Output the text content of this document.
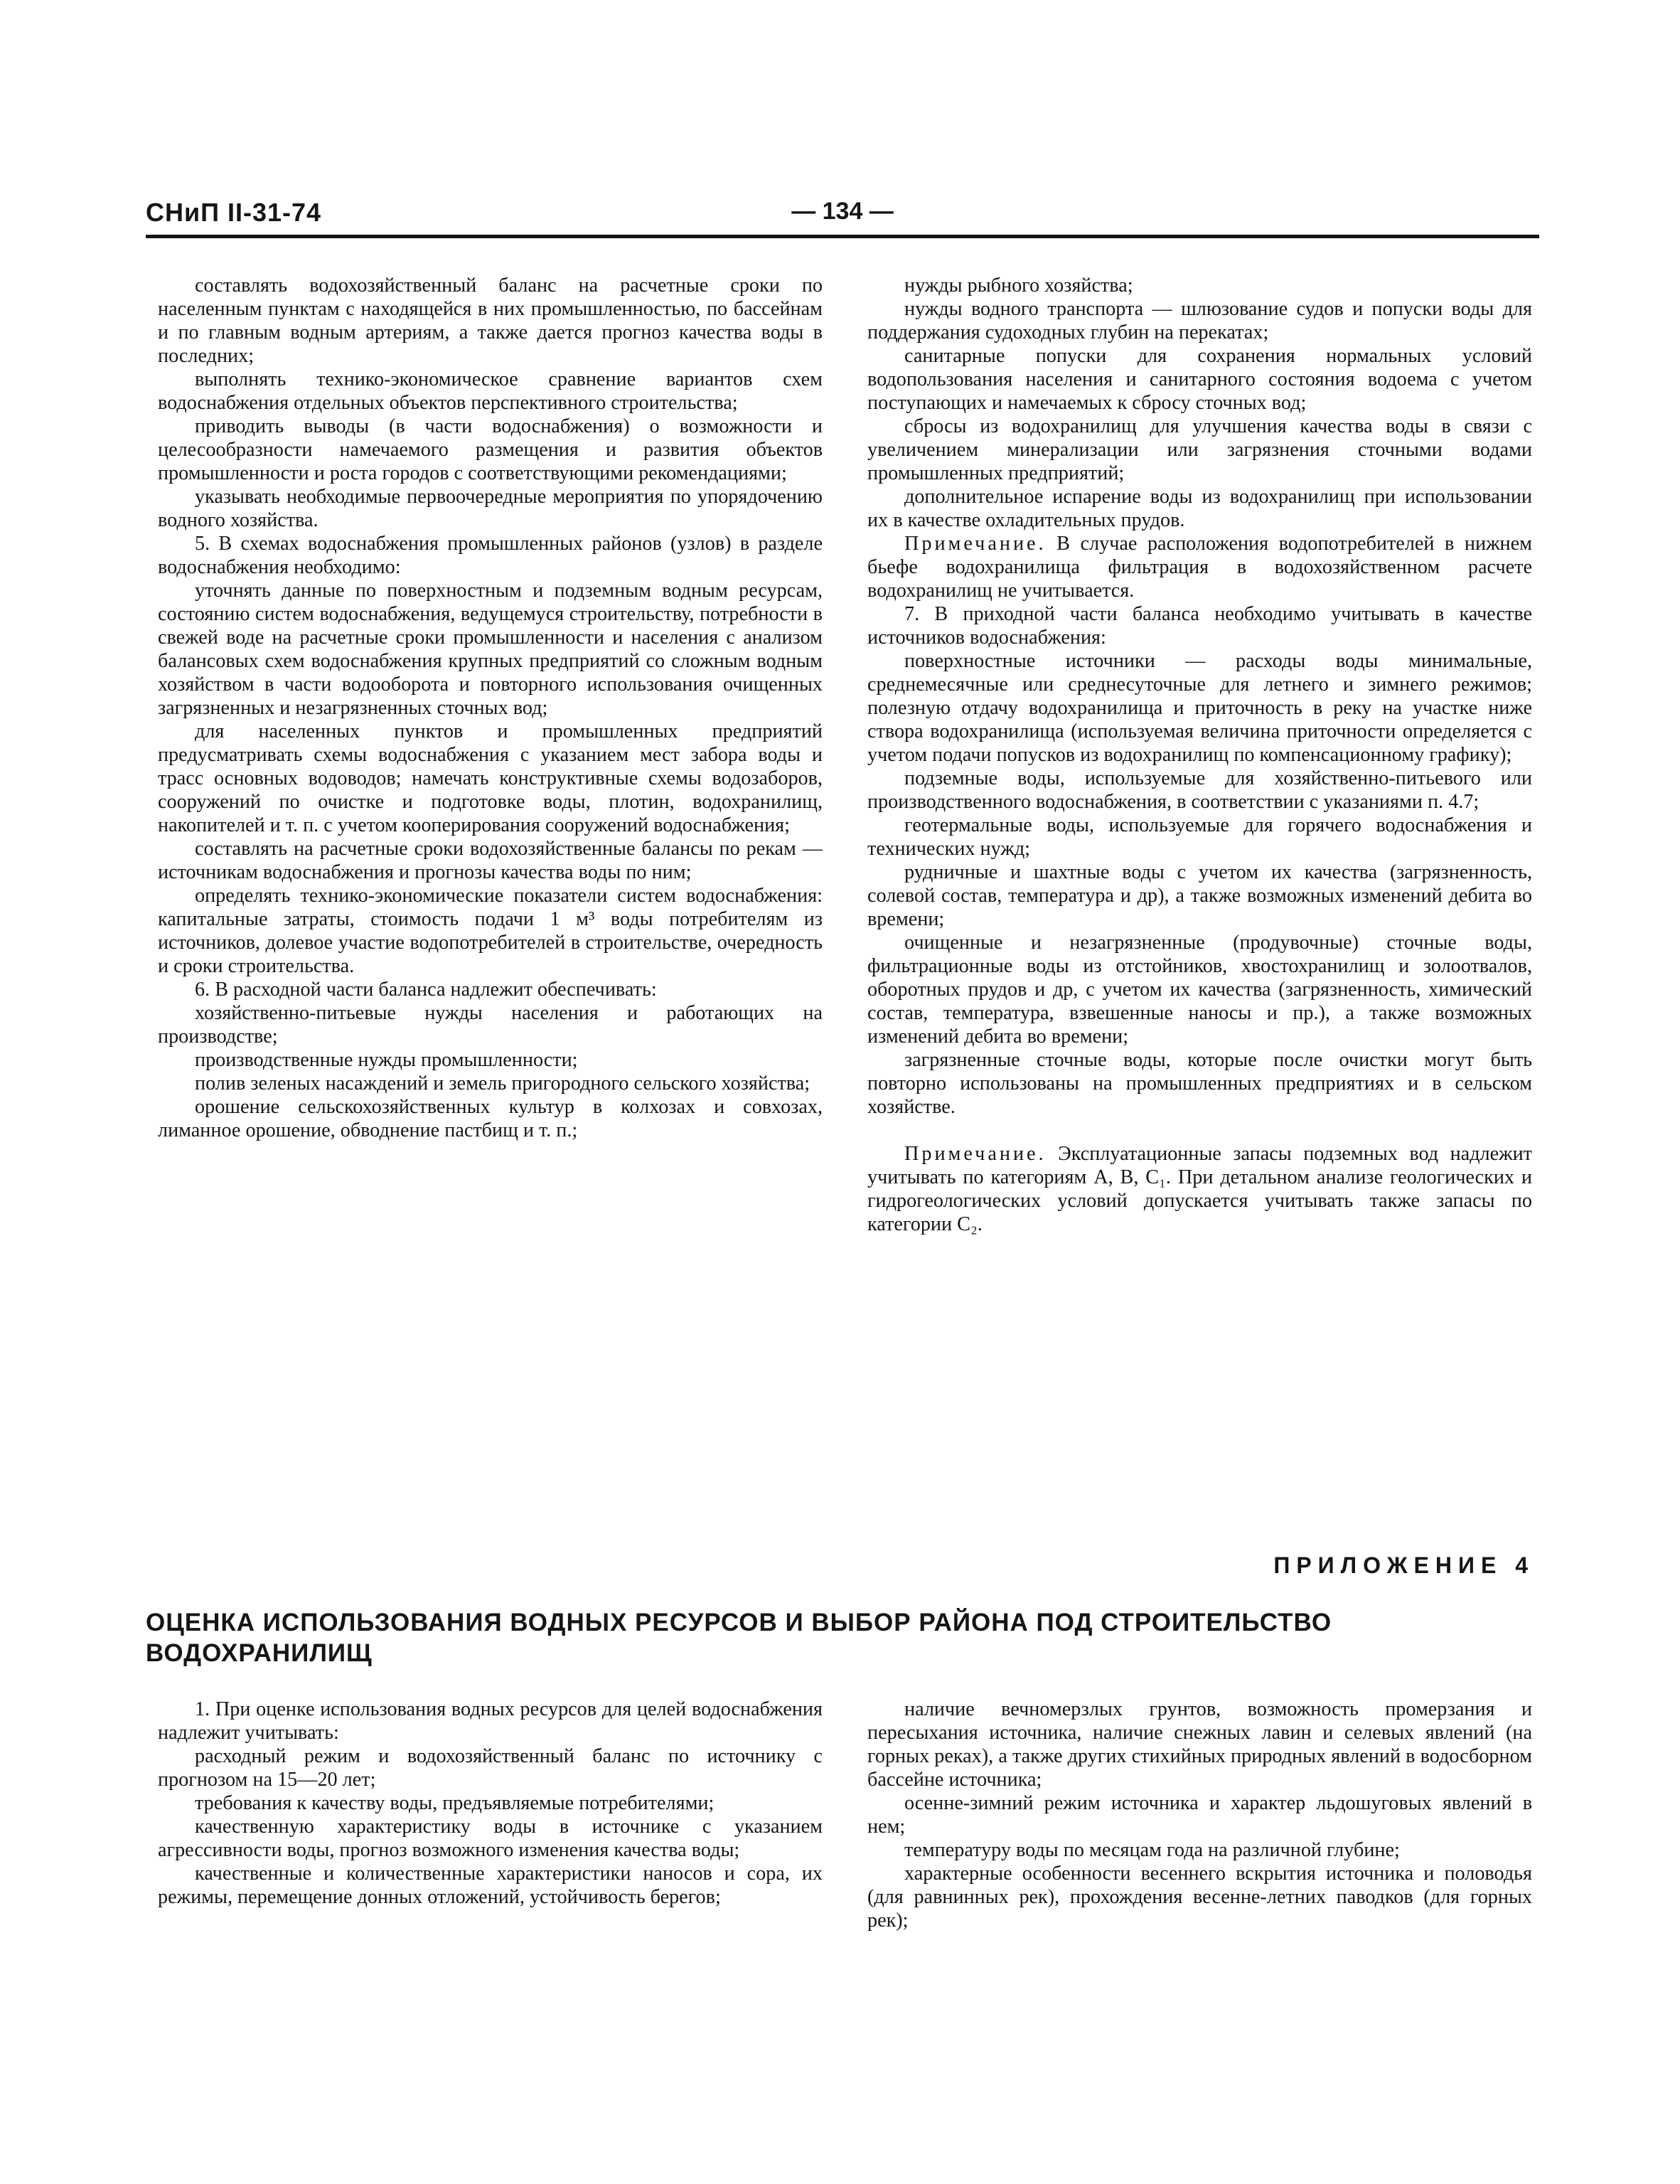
СНиП II-31-74	— 134 —

составлять водохозяйственный баланс на расчетные сроки по населенным пунктам с находящейся в них промышленностью, по бассейнам и по главным водным артериям, а также дается прогноз качества воды в последних;

выполнять технико-экономическое сравнение вариантов схем водоснабжения отдельных объектов перспективного строительства;

приводить выводы (в части водоснабжения) о возможности и целесообразности намечаемого размещения и развития объектов промышленности и роста городов с соответствующими рекомендациями;

указывать необходимые первоочередные мероприятия по упорядочению водного хозяйства.

5. В схемах водоснабжения промышленных районов (узлов) в разделе водоснабжения необходимо:

уточнять данные по поверхностным и подземным водным ресурсам, состоянию систем водоснабжения, ведущемуся строительству, потребности в свежей воде на расчетные сроки промышленности и населения с анализом балансовых схем водоснабжения крупных предприятий со сложным водным хозяйством в части водооборота и повторного использования очищенных загрязненных и незагрязненных сточных вод;

для населенных пунктов и промышленных предприятий предусматривать схемы водоснабжения с указанием мест забора воды и трасс основных водоводов; намечать конструктивные схемы водозаборов, сооружений по очистке и подготовке воды, плотин, водохранилищ, накопителей и т. п. с учетом кооперирования сооружений водоснабжения;

составлять на расчетные сроки водохозяйственные балансы по рекам — источникам водоснабжения и прогнозы качества воды по ним;

определять технико-экономические показатели систем водоснабжения: капитальные затраты, стоимость подачи 1 м³ воды потребителям из источников, долевое участие водопотребителей в строительстве, очередность и сроки строительства.

6. В расходной части баланса надлежит обеспечивать:

хозяйственно-питьевые нужды населения и работающих на производстве;

производственные нужды промышленности;

полив зеленых насаждений и земель пригородного сельского хозяйства;

орошение сельскохозяйственных культур в колхозах и совхозах, лиманное орошение, обводнение пастбищ и т. п.;

нужды рыбного хозяйства;

нужды водного транспорта — шлюзование судов и попуски воды для поддержания судоходных глубин на перекатах;

санитарные попуски для сохранения нормальных условий водопользования населения и санитарного состояния водоема с учетом поступающих и намечаемых к сбросу сточных вод;

сбросы из водохранилищ для улучшения качества воды в связи с увеличением минерализации или загрязнения сточными водами промышленных предприятий;

дополнительное испарение воды из водохранилищ при использовании их в качестве охладительных прудов.

Примечание. В случае расположения водопотребителей в нижнем бьефе водохранилища фильтрация в водохозяйственном расчете водохранилищ не учитывается.

7. В приходной части баланса необходимо учитывать в качестве источников водоснабжения:

поверхностные источники — расходы воды минимальные, среднемесячные или среднесуточные для летнего и зимнего режимов; полезную отдачу водохранилища и приточность в реку на участке ниже створа водохранилища (используемая величина приточности определяется с учетом подачи попусков из водохранилищ по компенсационному графику);

подземные воды, используемые для хозяйственно-питьевого или производственного водоснабжения, в соответствии с указаниями п. 4.7;

геотермальные воды, используемые для горячего водоснабжения и технических нужд;

рудничные и шахтные воды с учетом их качества (загрязненность, солевой состав, температура и др), а также возможных изменений дебита во времени;

очищенные и незагрязненные (продувочные) сточные воды, фильтрационные воды из отстойников, хвостохранилищ и золоотвалов, оборотных прудов и др, с учетом их качества (загрязненность, химический состав, температура, взвешенные наносы и пр.), а также возможных изменений дебита во времени;

загрязненные сточные воды, которые после очистки могут быть повторно использованы на промышленных предприятиях и в сельском хозяйстве.

Примечание. Эксплуатационные запасы подземных вод надлежит учитывать по категориям А, В, C₁. При детальном анализе геологических и гидрогеологических условий допускается учитывать также запасы по категории C₂.

ПРИЛОЖЕНИЕ 4
ОЦЕНКА ИСПОЛЬЗОВАНИЯ ВОДНЫХ РЕСУРСОВ И ВЫБОР РАЙОНА ПОД СТРОИТЕЛЬСТВО ВОДОХРАНИЛИЩ

1. При оценке использования водных ресурсов для целей водоснабжения надлежит учитывать:

расходный режим и водохозяйственный баланс по источнику с прогнозом на 15—20 лет;

требования к качеству воды, предъявляемые потребителями;

качественную характеристику воды в источнике с указанием агрессивности воды, прогноз возможного изменения качества воды;

качественные и количественные характеристики наносов и сора, их режимы, перемещение донных отложений, устойчивость берегов;

наличие вечномерзлых грунтов, возможность промерзания и пересыхания источника, наличие снежных лавин и селевых явлений (на горных реках), а также других стихийных природных явлений в водосборном бассейне источника;

осенне-зимний режим источника и характер льдошуговых явлений в нем;

температуру воды по месяцам года на различной глубине;

характерные особенности весеннего вскрытия источника и половодья (для равнинных рек), прохождения весенне-летних паводков (для горных рек);
